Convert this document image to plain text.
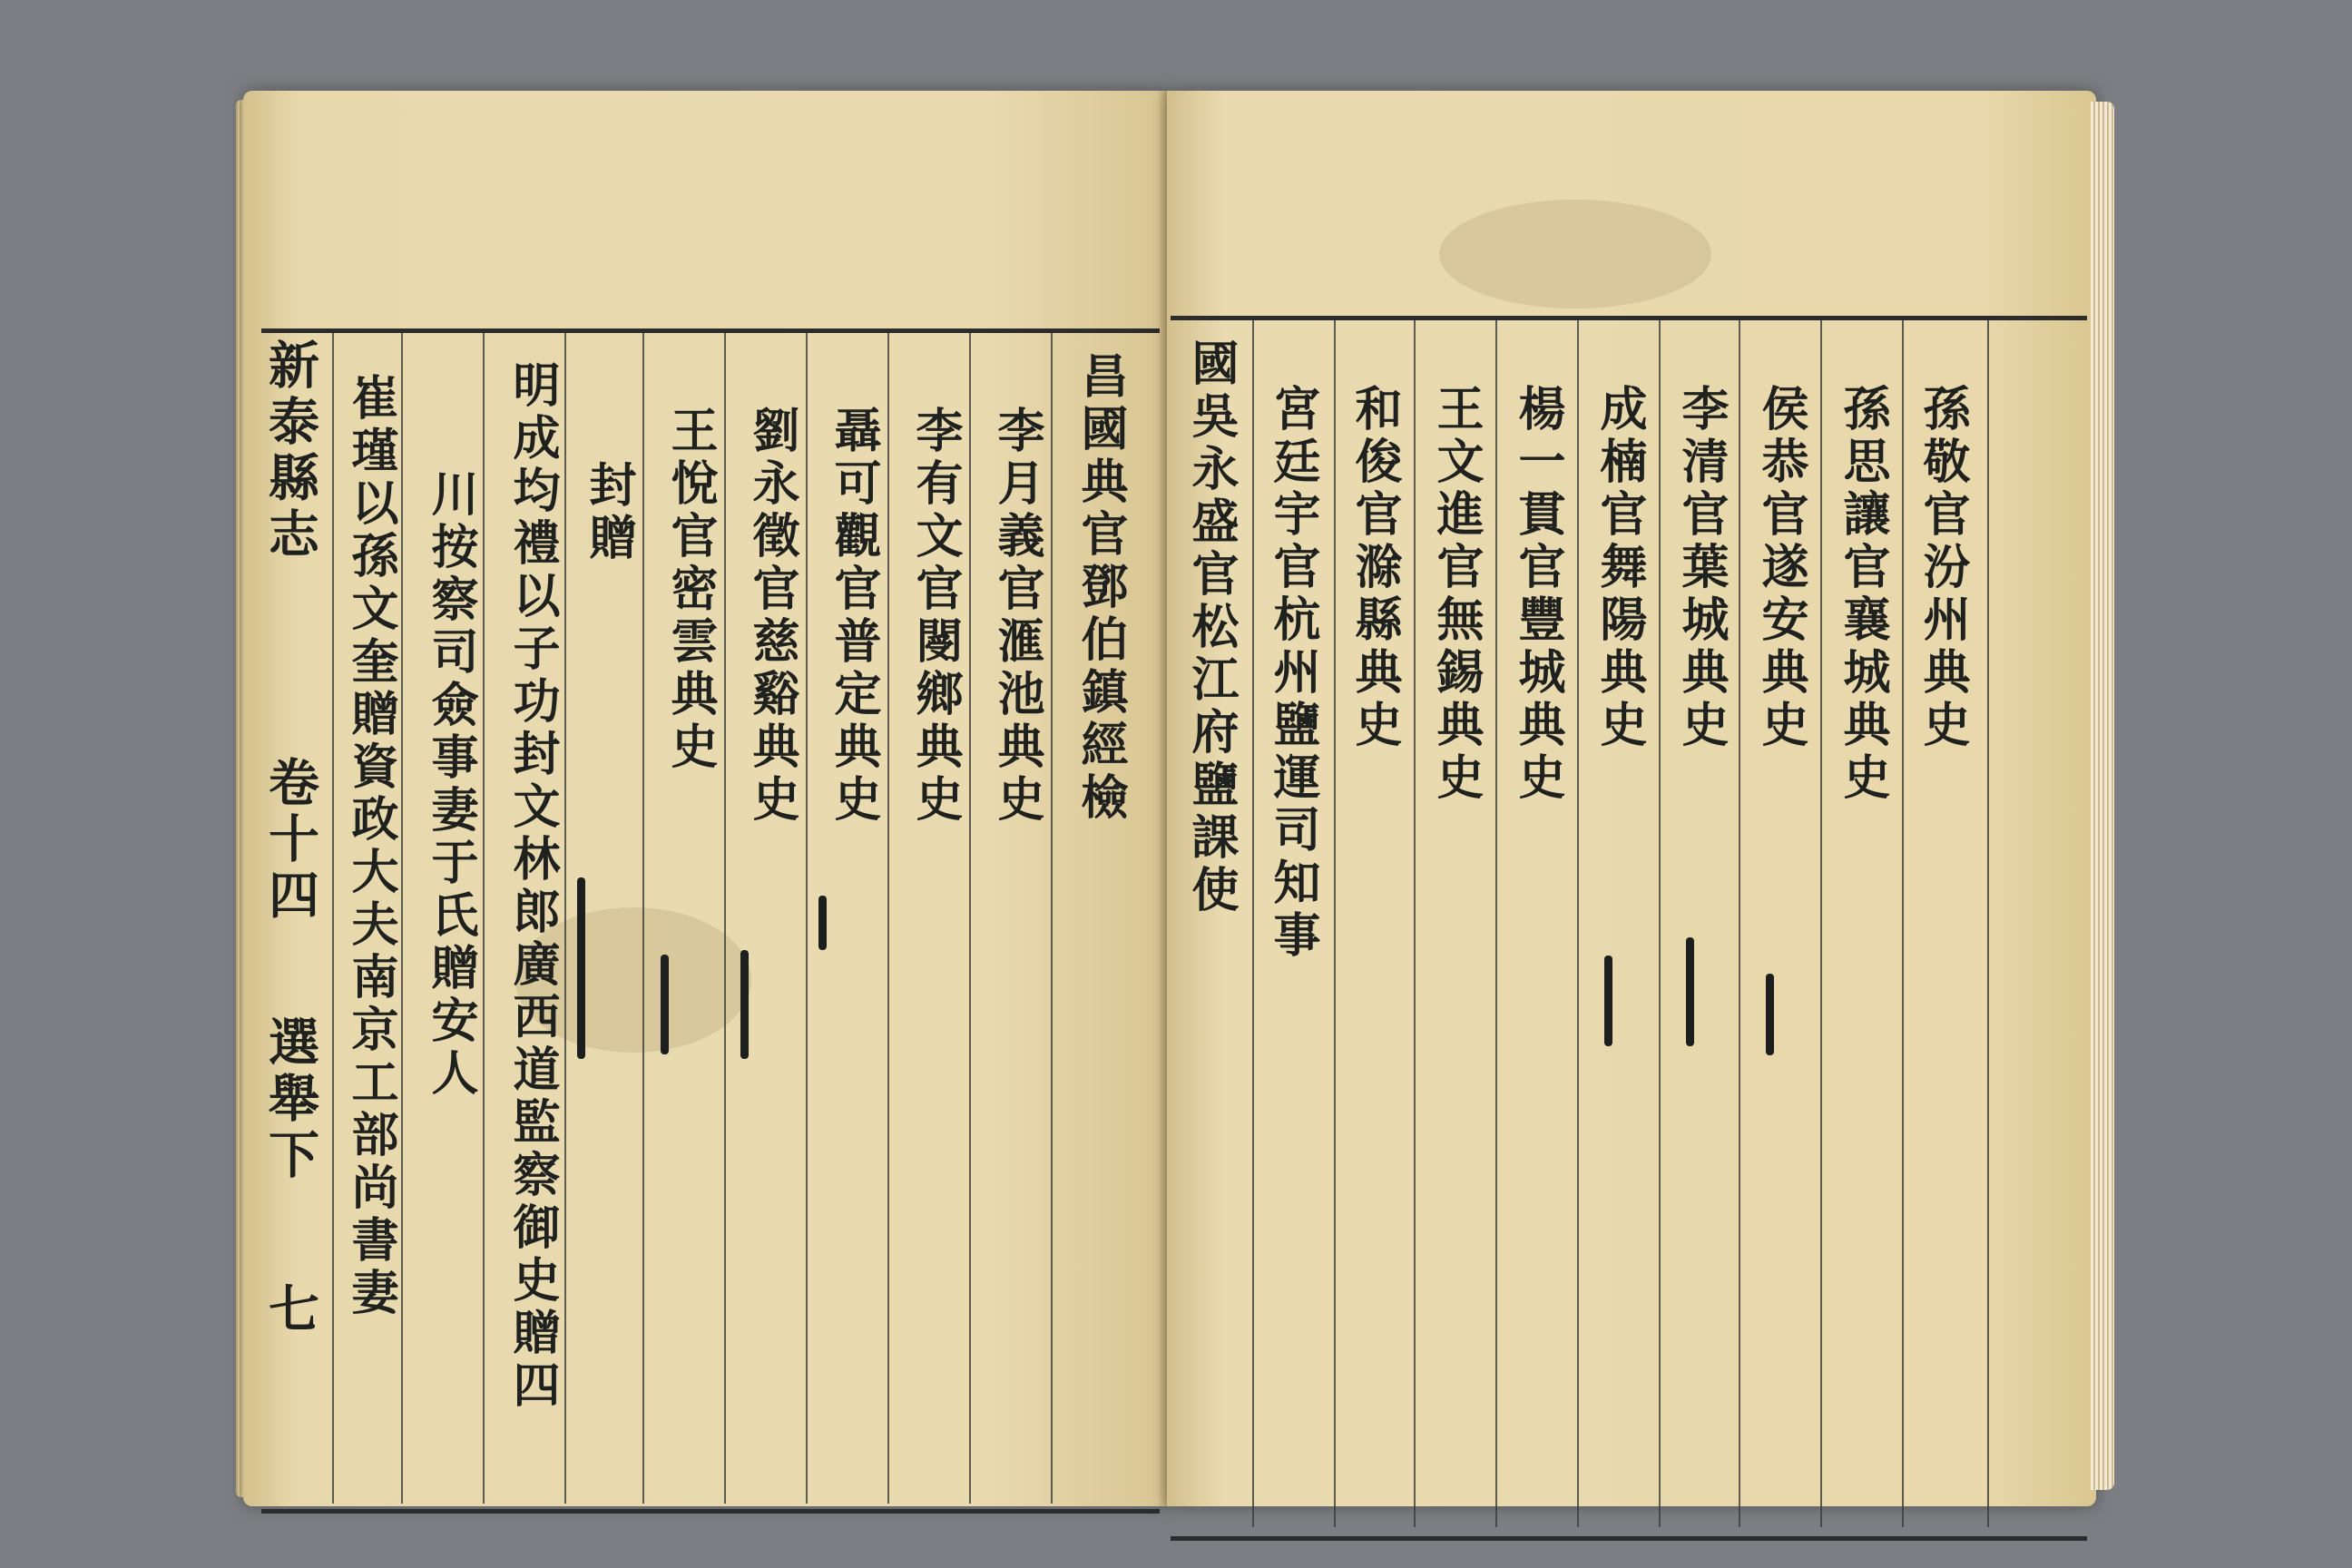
新泰縣志
卷十四
選舉下
七 崔瑾以孫文奎贈資政大夫南京工部尚書妻 川按察司僉事妻于氏贈安人 明成均禮以子功封文林郎廣西道監察御史贈四 封贈 王悅官密雲典史 劉永徵官慈谿典史 聶可觀官普定典史 李有文官閿鄉典史 李月義官滙池典史 昌國典官鄧伯鎮經檢 國吳永盛官松江府鹽課使 宮廷宇官杭州鹽運司知事 和俊官滁縣典史 王文進官無錫典史 楊一貫官豐城典史 成楠官舞陽典史 李清官葉城典史 侯恭官遂安典史 孫思讓官襄城典史 孫敬官汾州典史
